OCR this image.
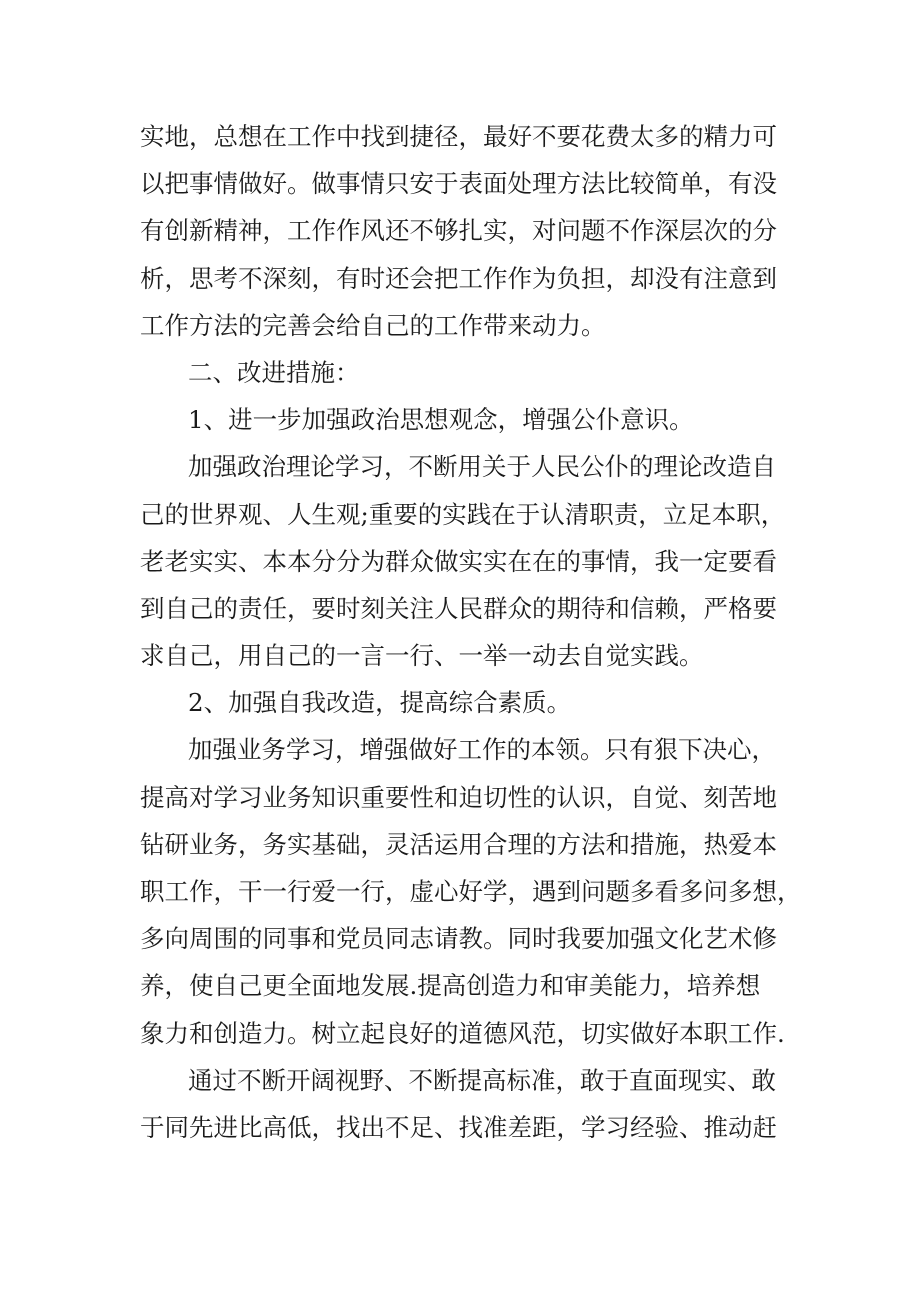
实地，总想在工作中找到捷径，最好不要花费太多的精力可
以把事情做好。做事情只安于表面处理方法比较简单，有没
有创新精神，工作作风还不够扎实，对问题不作深层次的分
析，思考不深刻，有时还会把工作作为负担，却没有注意到
工作方法的完善会给自己的工作带来动力。
二、改进措施：
1、进一步加强政治思想观念，增强公仆意识。
加强政治理论学习，不断用关于人民公仆的理论改造自
己的世界观、人生观;重要的实践在于认清职责，立足本职，
老老实实、本本分分为群众做实实在在的事情，我一定要看
到自己的责任，要时刻关注人民群众的期待和信赖，严格要
求自己，用自己的一言一行、一举一动去自觉实践。
2、加强自我改造，提高综合素质。
加强业务学习，增强做好工作的本领。只有狠下决心，
提高对学习业务知识重要性和迫切性的认识，自觉、刻苦地
钻研业务，务实基础，灵活运用合理的方法和措施，热爱本
职工作，干一行爱一行，虚心好学，遇到问题多看多问多想，
多向周围的同事和党员同志请教。同时我要加强文化艺术修
养，使自己更全面地发展.提高创造力和审美能力，培养想
象力和创造力。树立起良好的道德风范，切实做好本职工作.
通过不断开阔视野、不断提高标准，敢于直面现实、敢
于同先进比高低，找出不足、找准差距，学习经验、推动赶
